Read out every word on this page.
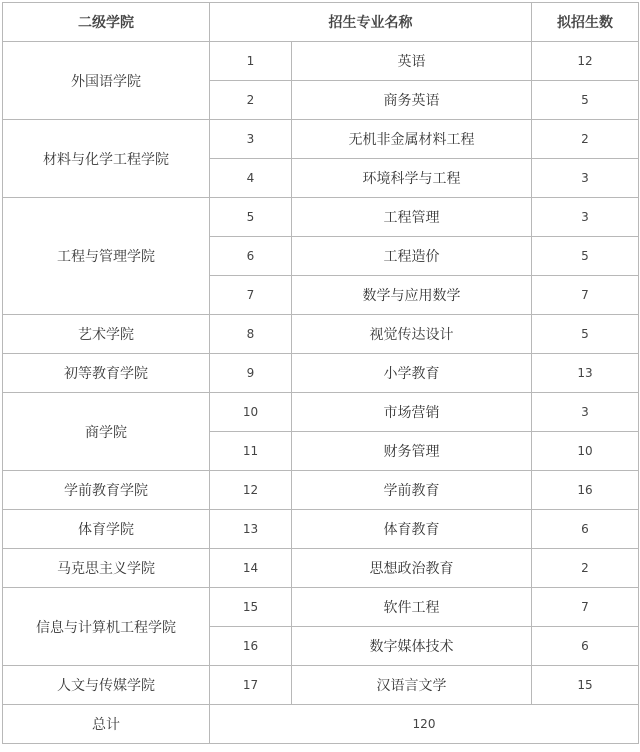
二级学院	招生专业名称		拟招生数
外国语学院	1	英语	12
	2	商务英语	5
材料与化学工程学院	3	无机非金属材料工程	2
	4	环境科学与工程	3
工程与管理学院	5	工程管理	3
	6	工程造价	5
	7	数学与应用数学	7
艺术学院	8	视觉传达设计	5
初等教育学院	9	小学教育	13
商学院	10	市场营销	3
	11	财务管理	10
学前教育学院	12	学前教育	16
体育学院	13	体育教育	6
马克思主义学院	14	思想政治教育	2
信息与计算机工程学院	15	软件工程	7
	16	数字媒体技术	6
人文与传媒学院	17	汉语言文学	15
总计	120		
